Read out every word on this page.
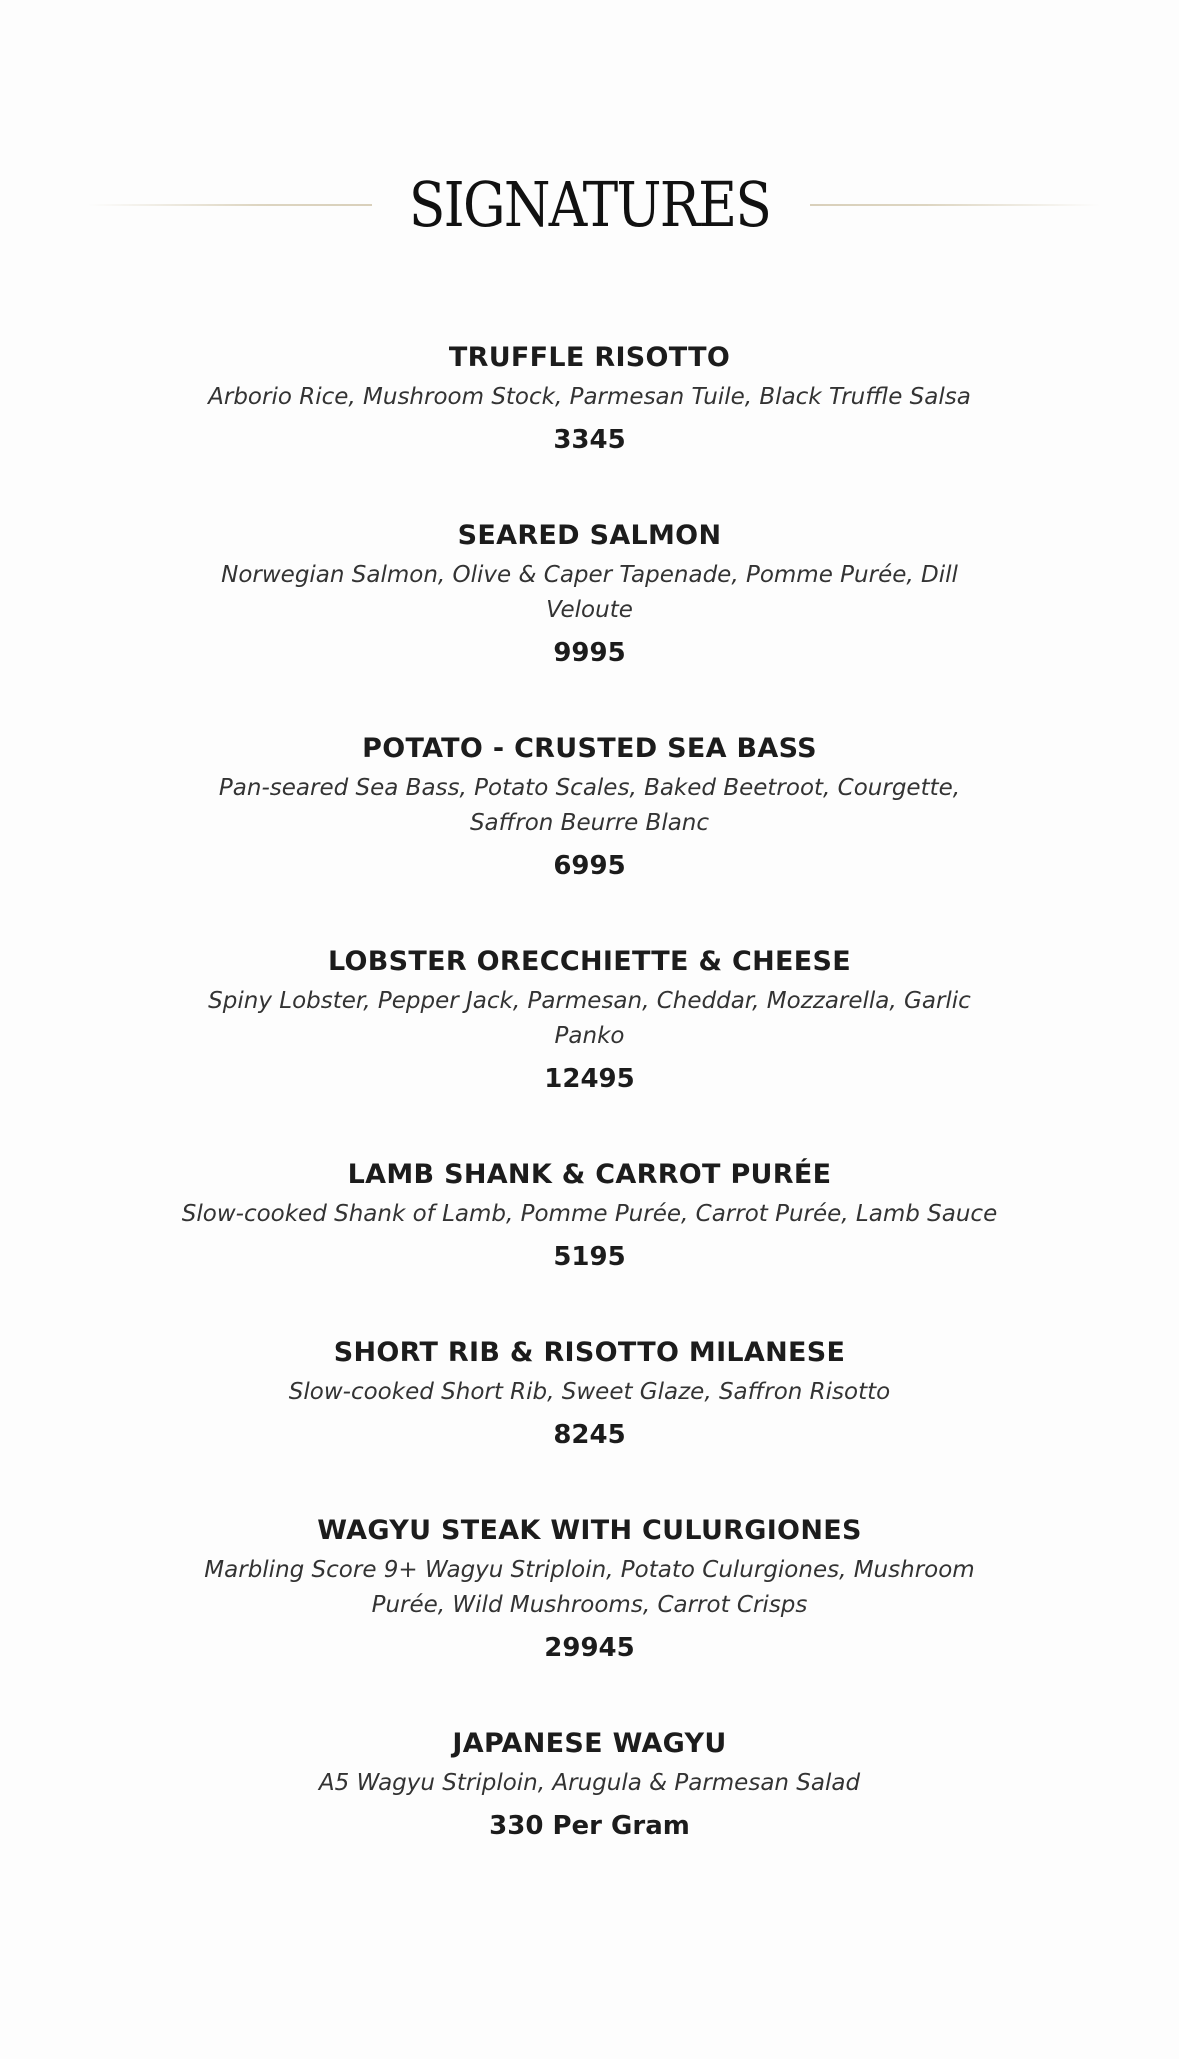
SIGNATURES
TRUFFLE RISOTTO
Arborio Rice, Mushroom Stock, Parmesan Tuile, Black Truffle Salsa
3345
SEARED SALMON
Norwegian Salmon, Olive & Caper Tapenade, Pomme Purée, Dill Veloute
9995
POTATO - CRUSTED SEA BASS
Pan-seared Sea Bass, Potato Scales, Baked Beetroot, Courgette, Saffron Beurre Blanc
6995
LOBSTER ORECCHIETTE & CHEESE
Spiny Lobster, Pepper Jack, Parmesan, Cheddar, Mozzarella, Garlic Panko
12495
LAMB SHANK & CARROT PURÉE
Slow-cooked Shank of Lamb, Pomme Purée, Carrot Purée, Lamb Sauce
5195
SHORT RIB & RISOTTO MILANESE
Slow-cooked Short Rib, Sweet Glaze, Saffron Risotto
8245
WAGYU STEAK WITH CULURGIONES
Marbling Score 9+ Wagyu Striploin, Potato Culurgiones, Mushroom Purée, Wild Mushrooms, Carrot Crisps
29945
JAPANESE WAGYU
A5 Wagyu Striploin, Arugula & Parmesan Salad
330 Per Gram
